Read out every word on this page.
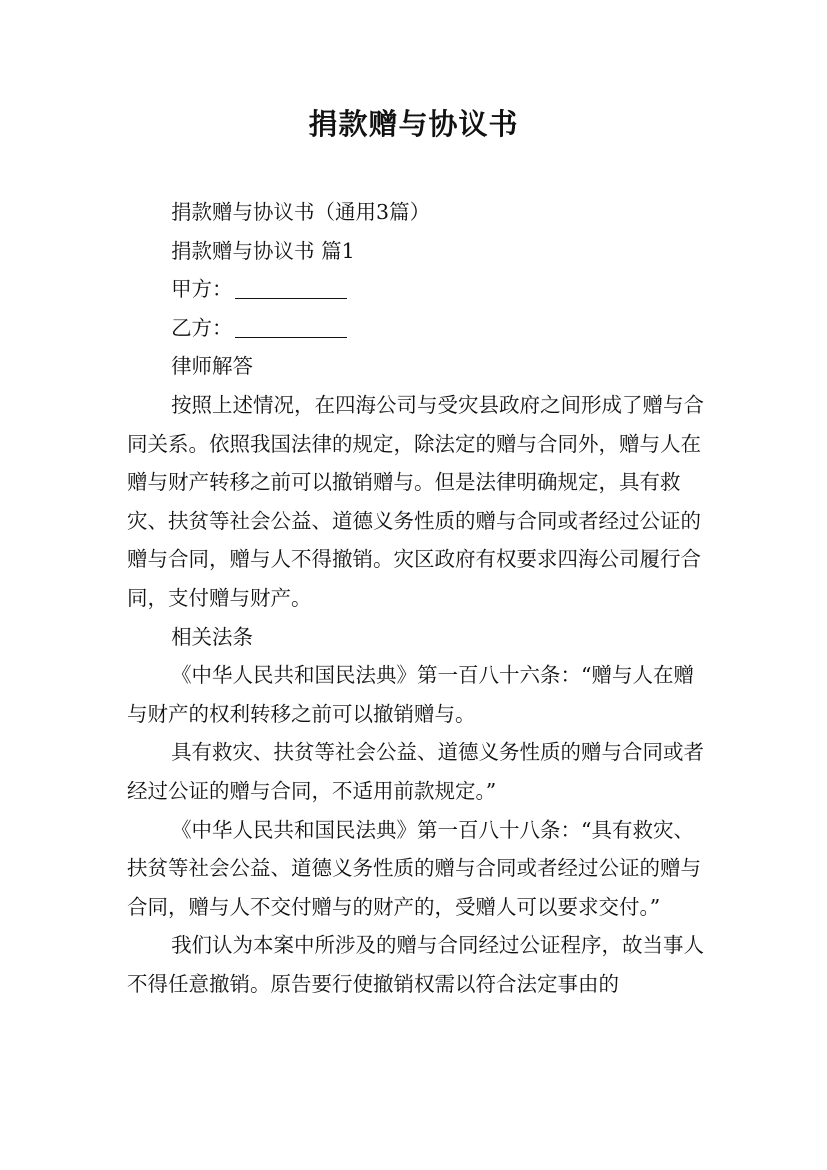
捐款赠与协议书

捐款赠与协议书（通用3篇）

捐款赠与协议书 篇1

甲方：

乙方：

律师解答

按照上述情况，在四海公司与受灾县政府之间形成了赠与合同关系。依照我国法律的规定，除法定的赠与合同外，赠与人在赠与财产转移之前可以撤销赠与。但是法律明确规定，具有救灾、扶贫等社会公益、道德义务性质的赠与合同或者经过公证的赠与合同，赠与人不得撤销。灾区政府有权要求四海公司履行合同，支付赠与财产。

相关法条

《中华人民共和国民法典》第一百八十六条：“赠与人在赠与财产的权利转移之前可以撤销赠与。

具有救灾、扶贫等社会公益、道德义务性质的赠与合同或者经过公证的赠与合同，不适用前款规定。”

《中华人民共和国民法典》第一百八十八条：“具有救灾、扶贫等社会公益、道德义务性质的赠与合同或者经过公证的赠与合同，赠与人不交付赠与的财产的，受赠人可以要求交付。”

我们认为本案中所涉及的赠与合同经过公证程序，故当事人不得任意撤销。原告要行使撤销权需以符合法定事由的
